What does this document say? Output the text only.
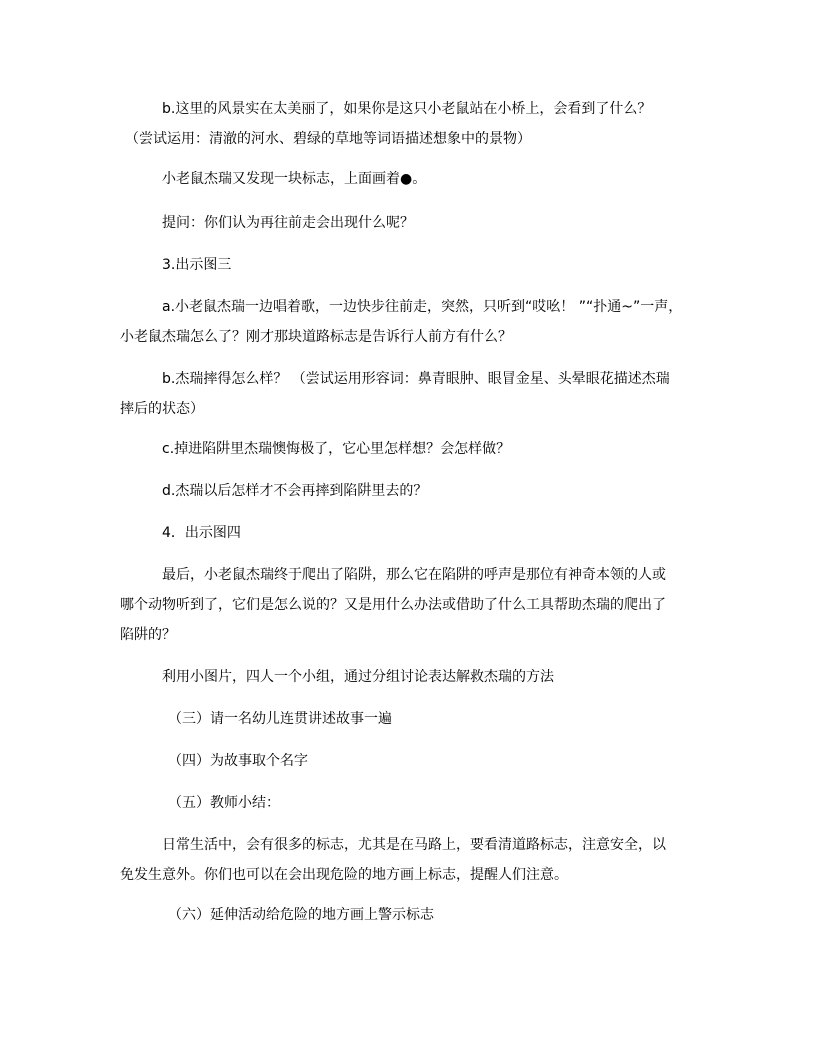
b.这里的风景实在太美丽了，如果你是这只小老鼠站在小桥上，会看到了什么？
（尝试运用：清澈的河水、碧绿的草地等词语描述想象中的景物）
小老鼠杰瑞又发现一块标志，上面画着●。
提问：你们认为再往前走会出现什么呢？
3.出示图三
a.小老鼠杰瑞一边唱着歌，一边快步往前走，突然，只听到“哎吆！ ”“扑通~”一声，
小老鼠杰瑞怎么了？刚才那块道路标志是告诉行人前方有什么？
b.杰瑞摔得怎么样？ （尝试运用形容词：鼻青眼肿、眼冒金星、头晕眼花描述杰瑞
摔后的状态）
c.掉进陷阱里杰瑞懊悔极了，它心里怎样想？会怎样做？
d.杰瑞以后怎样才不会再摔到陷阱里去的？
4．出示图四
最后，小老鼠杰瑞终于爬出了陷阱，那么它在陷阱的呼声是那位有神奇本领的人或
哪个动物听到了，它们是怎么说的？又是用什么办法或借助了什么工具帮助杰瑞的爬出了
陷阱的？
利用小图片，四人一个小组，通过分组讨论表达解救杰瑞的方法
（三）请一名幼儿连贯讲述故事一遍
（四）为故事取个名字
（五）教师小结：
日常生活中，会有很多的标志，尤其是在马路上，要看清道路标志，注意安全，以
免发生意外。你们也可以在会出现危险的地方画上标志，提醒人们注意。
（六）延伸活动给危险的地方画上警示标志
